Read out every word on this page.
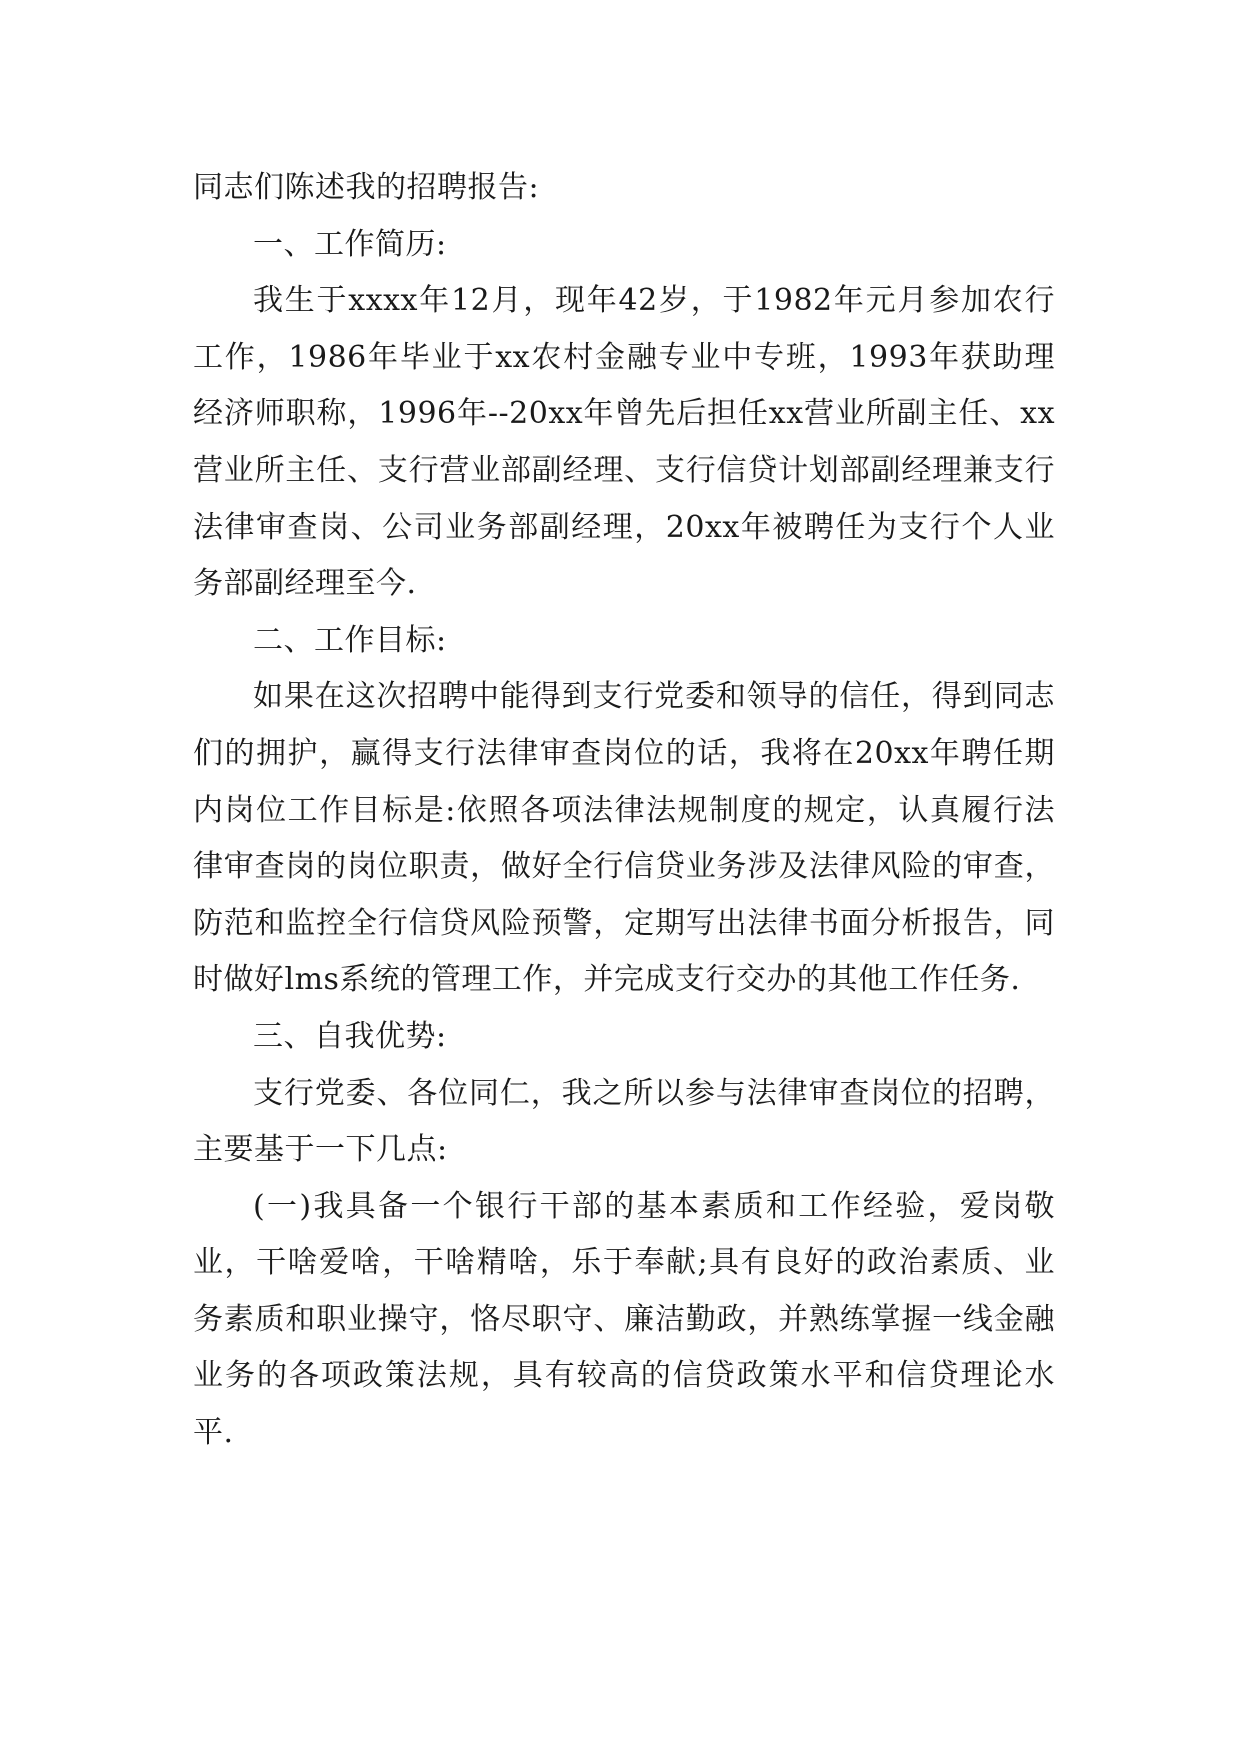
同志们陈述我的招聘报告:

一、工作简历:

我生于xxxx年12月，现年42岁，于1982年元月参加农行工作，1986年毕业于xx农村金融专业中专班，1993年获助理经济师职称，1996年--20xx年曾先后担任xx营业所副主任、xx营业所主任、支行营业部副经理、支行信贷计划部副经理兼支行法律审查岗、公司业务部副经理，20xx年被聘任为支行个人业务部副经理至今.

二、工作目标:

如果在这次招聘中能得到支行党委和领导的信任，得到同志们的拥护，赢得支行法律审查岗位的话，我将在20xx年聘任期内岗位工作目标是:依照各项法律法规制度的规定，认真履行法律审查岗的岗位职责，做好全行信贷业务涉及法律风险的审查，防范和监控全行信贷风险预警，定期写出法律书面分析报告，同时做好lms系统的管理工作，并完成支行交办的其他工作任务.

三、自我优势:

支行党委、各位同仁，我之所以参与法律审查岗位的招聘，主要基于一下几点:

(一)我具备一个银行干部的基本素质和工作经验，爱岗敬业，干啥爱啥，干啥精啥，乐于奉献;具有良好的政治素质、业务素质和职业操守，恪尽职守、廉洁勤政，并熟练掌握一线金融业务的各项政策法规，具有较高的信贷政策水平和信贷理论水平.
